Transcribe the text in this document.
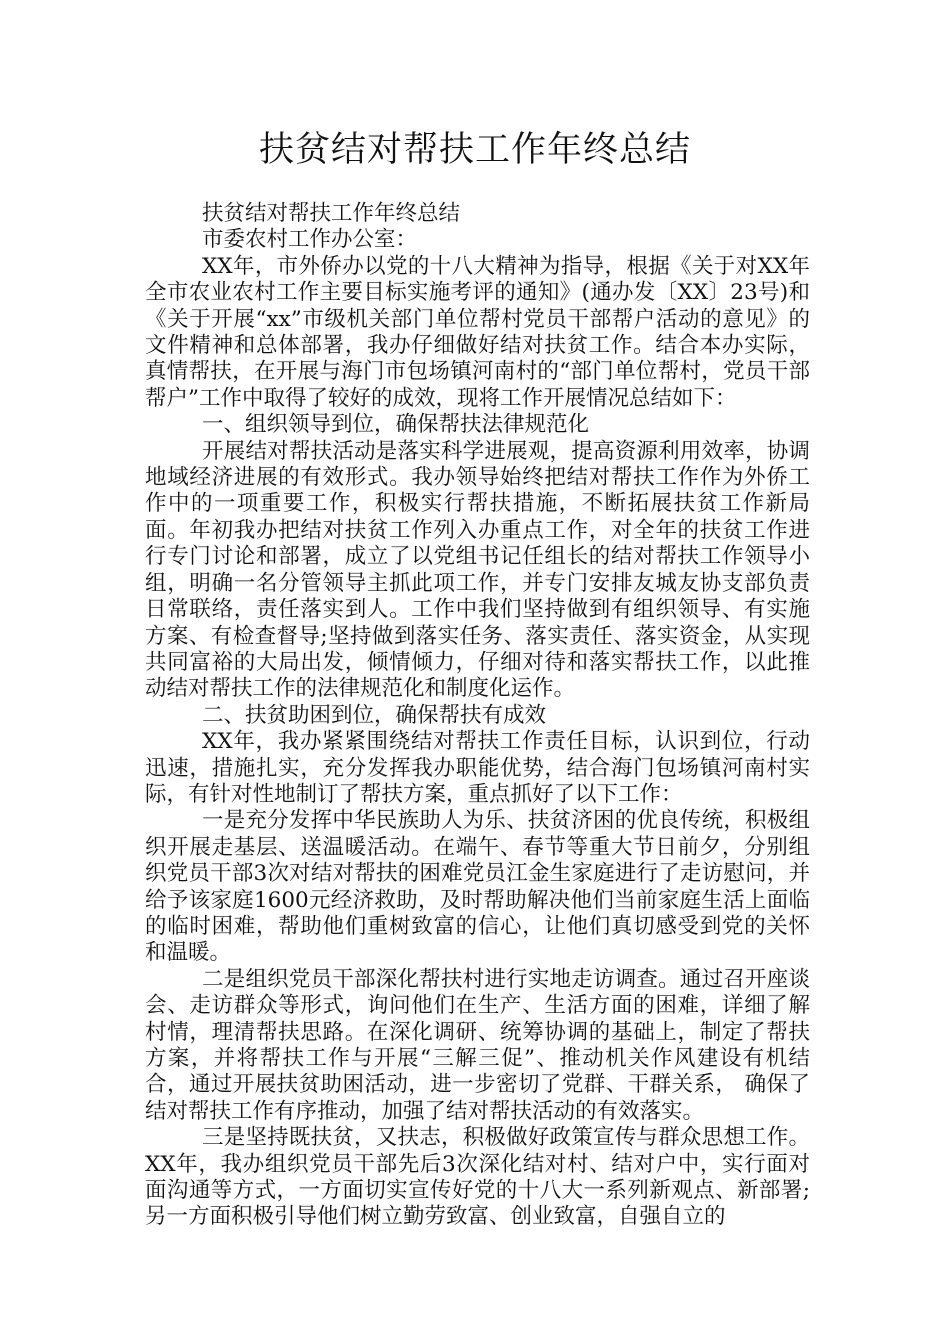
扶贫结对帮扶工作年终总结

扶贫结对帮扶工作年终总结

市委农村工作办公室：

XX年，市外侨办以党的十八大精神为指导，根据《关于对XX年全市农业农村工作主要目标实施考评的通知》(通办发〔XX〕23号)和《关于开展“xx”市级机关部门单位帮村党员干部帮户活动的意见》的文件精神和总体部署，我办仔细做好结对扶贫工作。结合本办实际，真情帮扶，在开展与海门市包场镇河南村的“部门单位帮村，党员干部帮户”工作中取得了较好的成效，现将工作开展情况总结如下：

一、组织领导到位，确保帮扶法律规范化

开展结对帮扶活动是落实科学进展观，提高资源利用效率，协调地域经济进展的有效形式。我办领导始终把结对帮扶工作作为外侨工作中的一项重要工作，积极实行帮扶措施，不断拓展扶贫工作新局面。年初我办把结对扶贫工作列入办重点工作，对全年的扶贫工作进行专门讨论和部署，成立了以党组书记任组长的结对帮扶工作领导小组，明确一名分管领导主抓此项工作，并专门安排友城友协支部负责日常联络，责任落实到人。工作中我们坚持做到有组织领导、有实施方案、有检查督导;坚持做到落实任务、落实责任、落实资金，从实现共同富裕的大局出发，倾情倾力，仔细对待和落实帮扶工作，以此推动结对帮扶工作的法律规范化和制度化运作。

二、扶贫助困到位，确保帮扶有成效

XX年，我办紧紧围绕结对帮扶工作责任目标，认识到位，行动迅速，措施扎实，充分发挥我办职能优势，结合海门包场镇河南村实际，有针对性地制订了帮扶方案，重点抓好了以下工作：

一是充分发挥中华民族助人为乐、扶贫济困的优良传统，积极组织开展走基层、送温暖活动。在端午、春节等重大节日前夕，分别组织党员干部3次对结对帮扶的困难党员江金生家庭进行了走访慰问，并给予该家庭1600元经济救助，及时帮助解决他们当前家庭生活上面临的临时困难，帮助他们重树致富的信心，让他们真切感受到党的关怀和温暖。

二是组织党员干部深化帮扶村进行实地走访调查。通过召开座谈会、走访群众等形式，询问他们在生产、生活方面的困难，详细了解村情，理清帮扶思路。在深化调研、统筹协调的基础上，制定了帮扶方案，并将帮扶工作与开展“三解三促”、推动机关作风建设有机结合，通过开展扶贫助困活动，进一步密切了党群、干群关系， 确保了结对帮扶工作有序推动，加强了结对帮扶活动的有效落实。

三是坚持既扶贫，又扶志，积极做好政策宣传与群众思想工作。XX年，我办组织党员干部先后3次深化结对村、结对户中，实行面对面沟通等方式，一方面切实宣传好党的十八大一系列新观点、新部署;另一方面积极引导他们树立勤劳致富、创业致富，自强自立的
